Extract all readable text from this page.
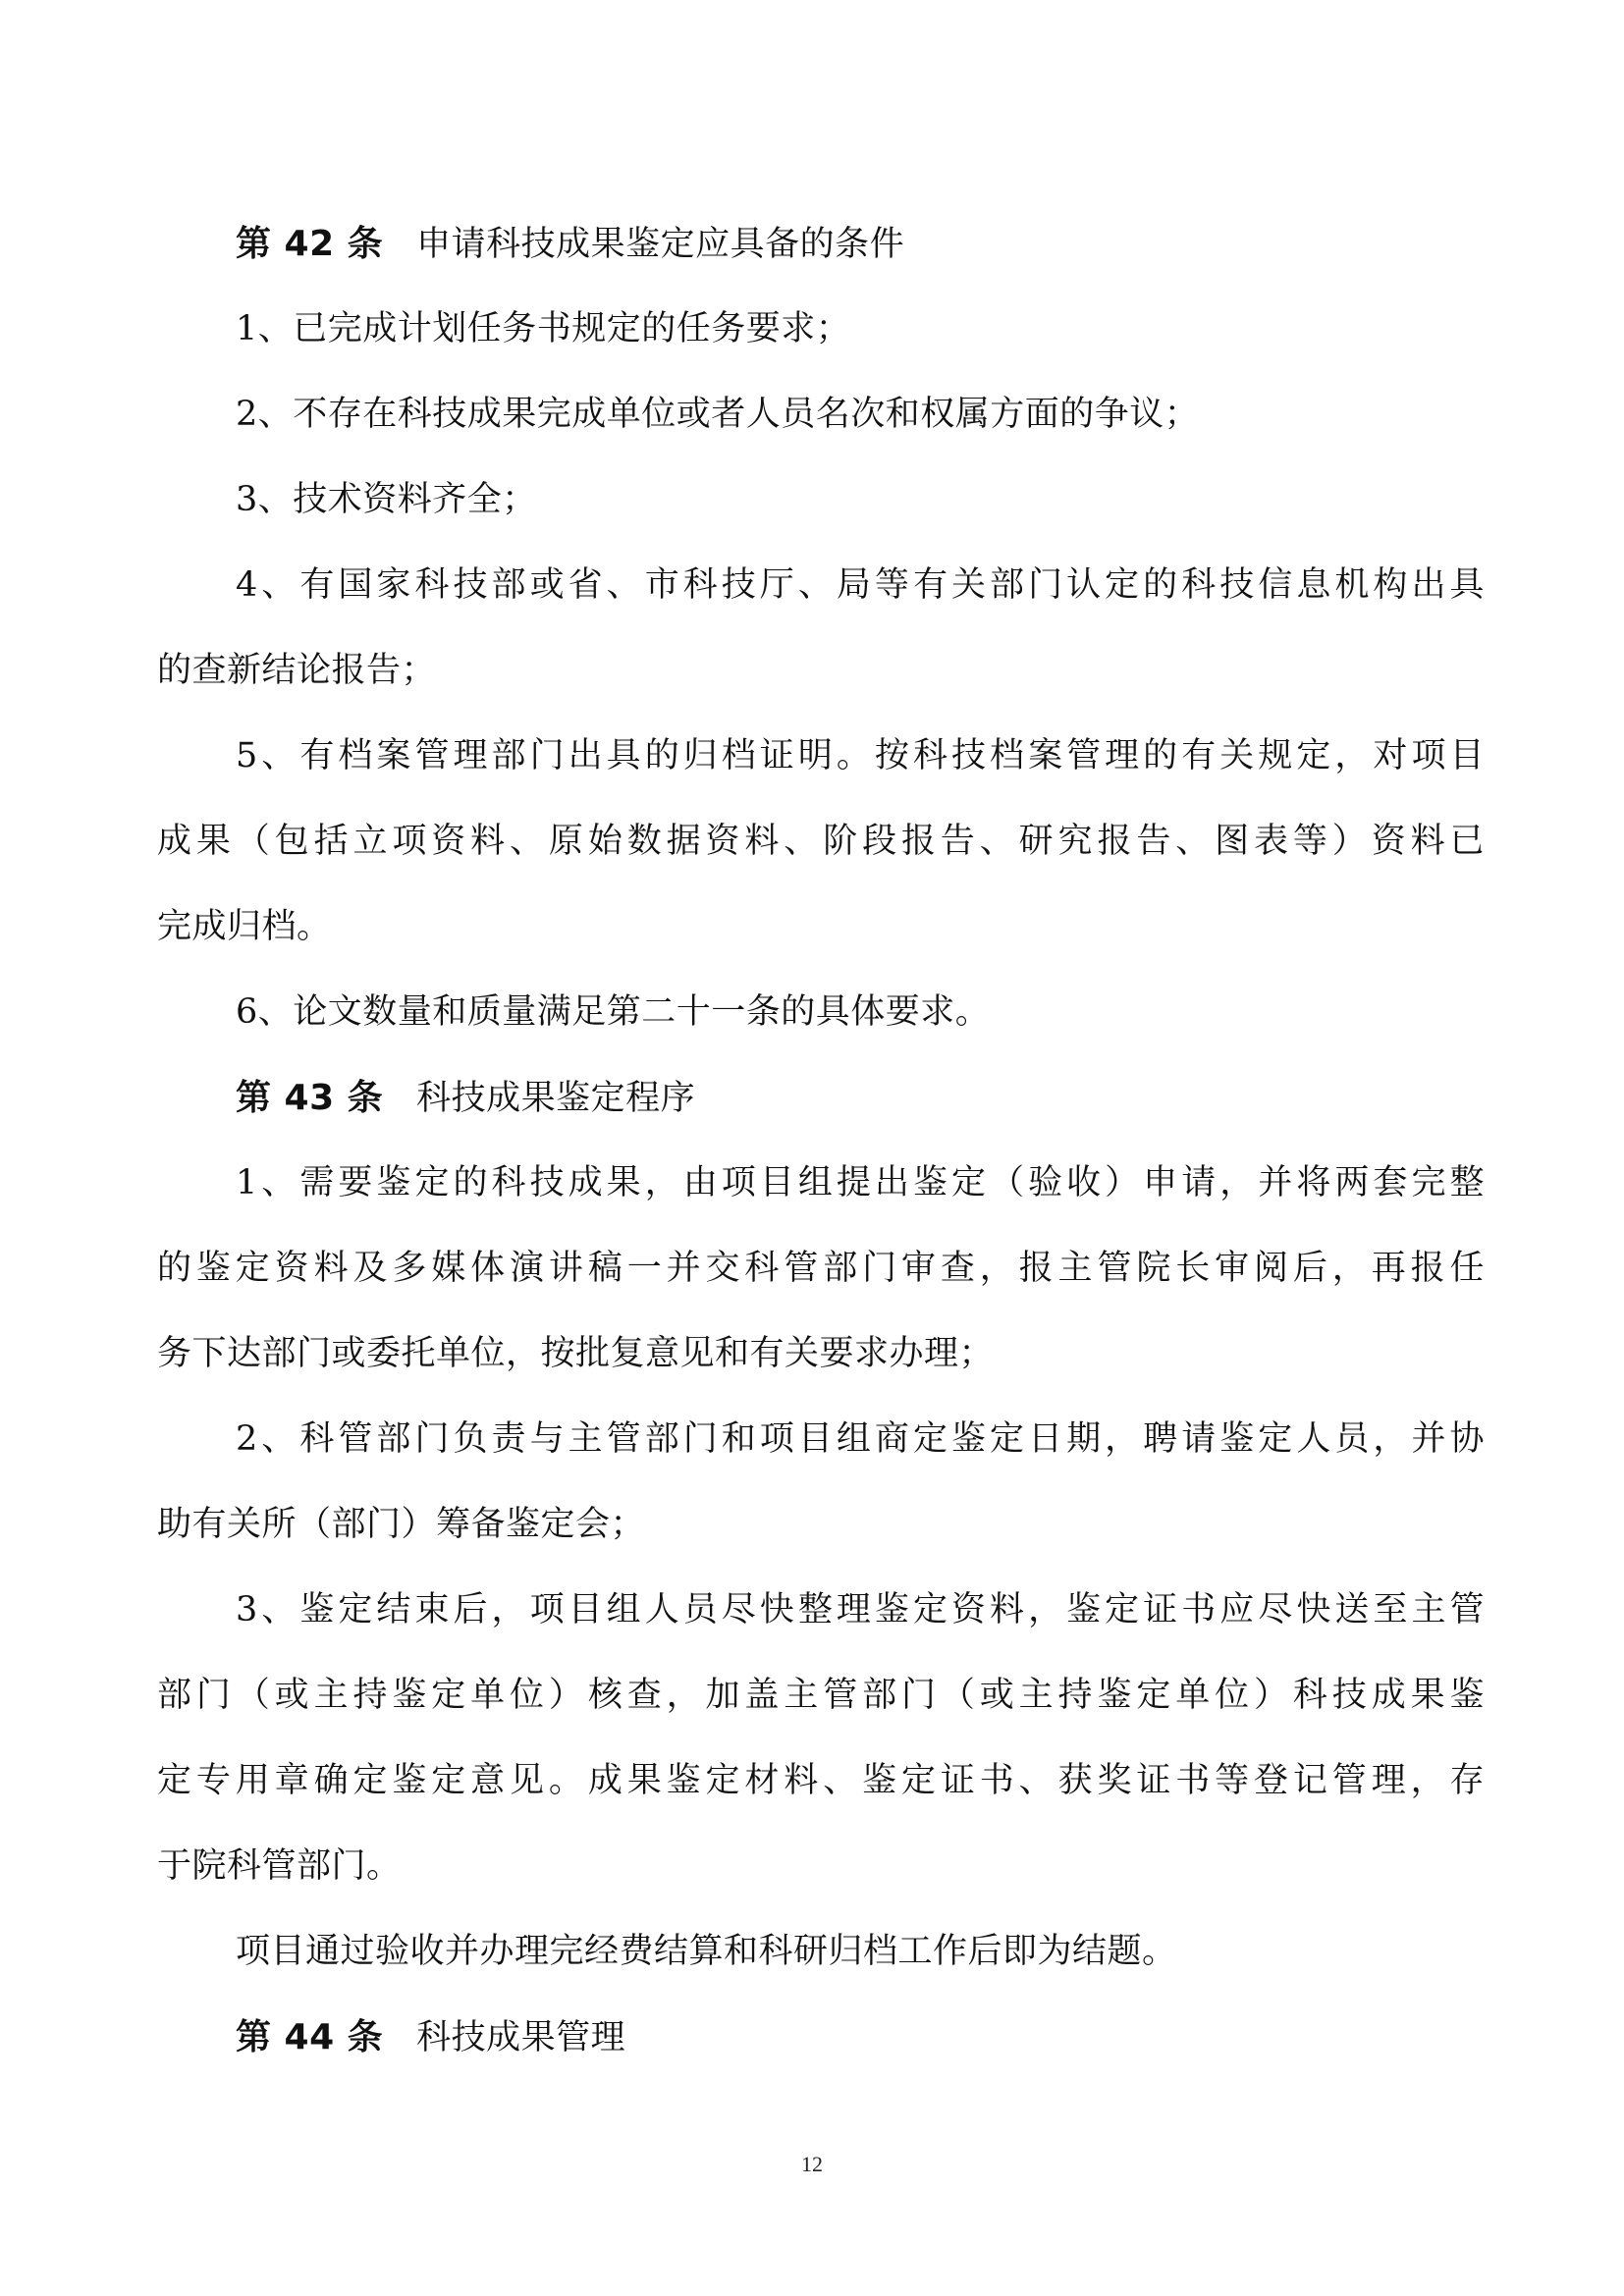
第 42 条 申请科技成果鉴定应具备的条件
1、已完成计划任务书规定的任务要求；
2、不存在科技成果完成单位或者人员名次和权属方面的争议；
3、技术资料齐全；
4、有国家科技部或省、市科技厅、局等有关部门认定的科技信息机构出具
的查新结论报告；
5、有档案管理部门出具的归档证明。按科技档案管理的有关规定，对项目
成果（包括立项资料、原始数据资料、阶段报告、研究报告、图表等）资料已
完成归档。
6、论文数量和质量满足第二十一条的具体要求。
第 43 条 科技成果鉴定程序
1、需要鉴定的科技成果，由项目组提出鉴定（验收）申请，并将两套完整
的鉴定资料及多媒体演讲稿一并交科管部门审查，报主管院长审阅后，再报任
务下达部门或委托单位，按批复意见和有关要求办理；
2、科管部门负责与主管部门和项目组商定鉴定日期，聘请鉴定人员，并协
助有关所（部门）筹备鉴定会；
3、鉴定结束后，项目组人员尽快整理鉴定资料，鉴定证书应尽快送至主管
部门（或主持鉴定单位）核查，加盖主管部门（或主持鉴定单位）科技成果鉴
定专用章确定鉴定意见。成果鉴定材料、鉴定证书、获奖证书等登记管理，存
于院科管部门。
项目通过验收并办理完经费结算和科研归档工作后即为结题。
第 44 条 科技成果管理
12
